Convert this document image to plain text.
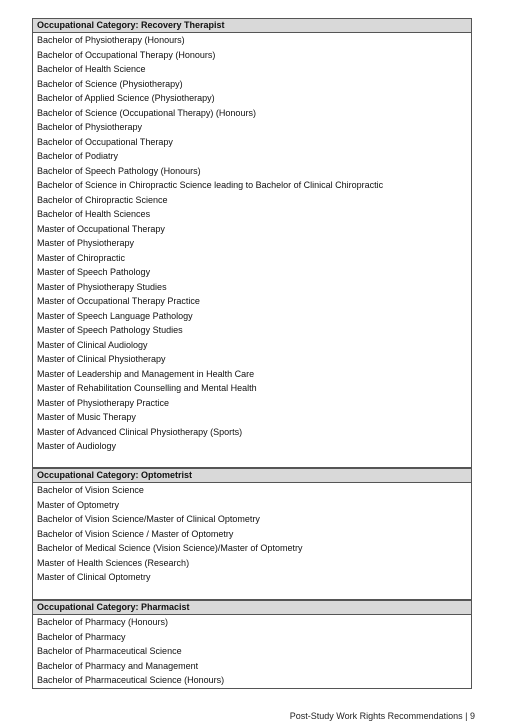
Occupational Category: Recovery Therapist
Bachelor of Physiotherapy (Honours)
Bachelor of Occupational Therapy (Honours)
Bachelor of Health Science
Bachelor of Science (Physiotherapy)
Bachelor of Applied Science (Physiotherapy)
Bachelor of Science (Occupational Therapy) (Honours)
Bachelor of Physiotherapy
Bachelor of Occupational Therapy
Bachelor of Podiatry
Bachelor of Speech Pathology (Honours)
Bachelor of Science in Chiropractic Science leading to Bachelor of Clinical Chiropractic
Bachelor of Chiropractic Science
Bachelor of Health Sciences
Master of Occupational Therapy
Master of Physiotherapy
Master of Chiropractic
Master of Speech Pathology
Master of Physiotherapy Studies
Master of Occupational Therapy Practice
Master of Speech Language Pathology
Master of Speech Pathology Studies
Master of Clinical Audiology
Master of Clinical Physiotherapy
Master of Leadership and Management in Health Care
Master of Rehabilitation Counselling and Mental Health
Master of Physiotherapy Practice
Master of Music Therapy
Master of Advanced Clinical Physiotherapy (Sports)
Master of Audiology
Occupational Category: Optometrist
Bachelor of Vision Science
Master of Optometry
Bachelor of Vision Science/Master of Clinical Optometry
Bachelor of Vision Science / Master of Optometry
Bachelor of Medical Science (Vision Science)/Master of Optometry
Master of Health Sciences (Research)
Master of Clinical Optometry
Occupational Category: Pharmacist
Bachelor of Pharmacy (Honours)
Bachelor of Pharmacy
Bachelor of Pharmaceutical Science
Bachelor of Pharmacy and Management
Bachelor of Pharmaceutical Science (Honours)
Post-Study Work Rights Recommendations | 9
